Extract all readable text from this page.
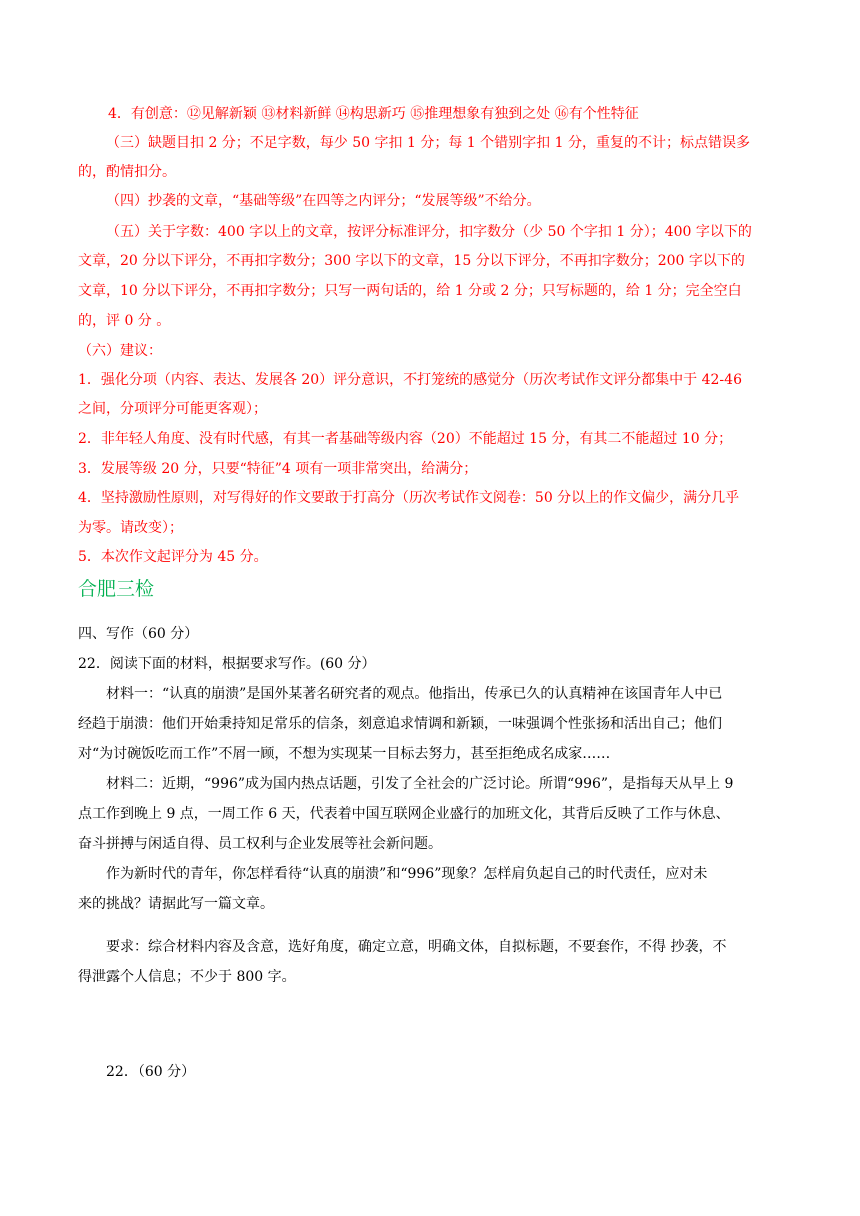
4．有创意：⑫见解新颖 ⑬材料新鲜 ⑭构思新巧 ⑮推理想象有独到之处 ⑯有个性特征
（三）缺题目扣 2 分；不足字数，每少 50 字扣 1 分；每 1 个错别字扣 1 分，重复的不计；标点错误多
的，酌情扣分。
（四）抄袭的文章，“基础等级”在四等之内评分；“发展等级”不给分。
（五）关于字数：400 字以上的文章，按评分标准评分，扣字数分（少 50 个字扣 1 分）；400 字以下的
文章，20 分以下评分，不再扣字数分；300 字以下的文章，15 分以下评分，不再扣字数分；200 字以下的
文章，10 分以下评分，不再扣字数分；只写一两句话的，给 1 分或 2 分；只写标题的，给 1 分；完全空白
的，评 0 分 。
（六）建议：
1．强化分项（内容、表达、发展各 20）评分意识，不打笼统的感觉分（历次考试作文评分都集中于 42-46
之间，分项评分可能更客观）；
2．非年轻人角度、没有时代感，有其一者基础等级内容（20）不能超过 15 分，有其二不能超过 10 分；
3．发展等级 20 分，只要“特征”4 项有一项非常突出，给满分；
4．坚持激励性原则，对写得好的作文要敢于打高分（历次考试作文阅卷：50 分以上的作文偏少，满分几乎
为零。请改变）；
5．本次作文起评分为 45 分。
合肥三检
四、写作（60 分）
22．阅读下面的材料，根据要求写作。(60 分）
材料一：“认真的崩溃”是国外某著名研究者的观点。他指出，传承已久的认真精神在该国青年人中已
经趋于崩溃：他们开始秉持知足常乐的信条，刻意追求情调和新颖，一味强调个性张扬和活出自己；他们
对“为讨碗饭吃而工作”不屑一顾，不想为实现某一目标去努力，甚至拒绝成名成家……
材料二：近期，“996”成为国内热点话题，引发了全社会的广泛讨论。所谓“996”，是指每天从早上 9
点工作到晚上 9 点，一周工作 6 天，代表着中国互联网企业盛行的加班文化，其背后反映了工作与休息、
奋斗拼搏与闲适自得、员工权利与企业发展等社会新问题。
作为新时代的青年，你怎样看待“认真的崩溃”和“996”现象？怎样肩负起自己的时代责任，应对未
来的挑战？请据此写一篇文章。
要求：综合材料内容及含意，选好角度，确定立意，明确文体，自拟标题，不要套作，不得 抄袭，不
得泄露个人信息；不少于 800 字。
22．（60 分）
